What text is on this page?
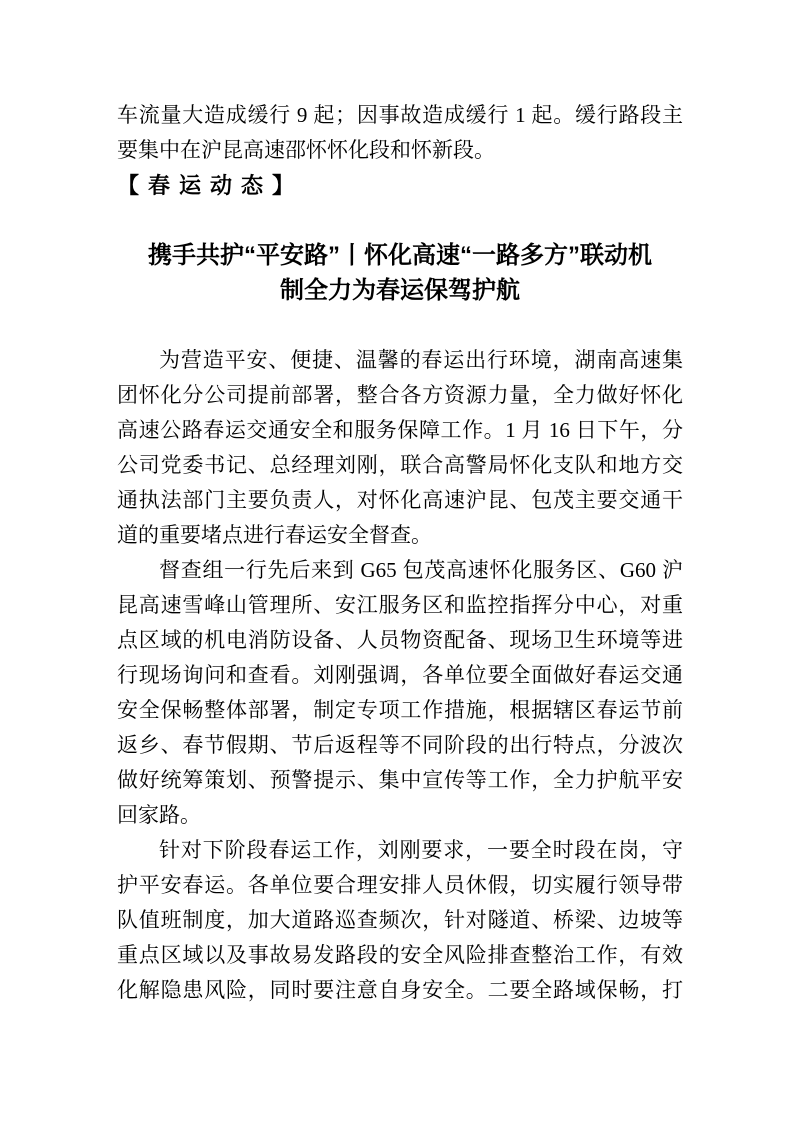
车流量大造成缓行 9 起；因事故造成缓行 1 起。缓行路段主
要集中在沪昆高速邵怀怀化段和怀新段。
【春运动态】
携手共护“平安路”丨怀化高速“一路多方”联动机
制全力为春运保驾护航
为营造平安、便捷、温馨的春运出行环境，湖南高速集
团怀化分公司提前部署，整合各方资源力量，全力做好怀化
高速公路春运交通安全和服务保障工作。1 月 16 日下午，分
公司党委书记、总经理刘刚，联合高警局怀化支队和地方交
通执法部门主要负责人，对怀化高速沪昆、包茂主要交通干
道的重要堵点进行春运安全督查。
督查组一行先后来到 G65 包茂高速怀化服务区、G60 沪
昆高速雪峰山管理所、安江服务区和监控指挥分中心，对重
点区域的机电消防设备、人员物资配备、现场卫生环境等进
行现场询问和查看。刘刚强调，各单位要全面做好春运交通
安全保畅整体部署，制定专项工作措施，根据辖区春运节前
返乡、春节假期、节后返程等不同阶段的出行特点，分波次
做好统筹策划、预警提示、集中宣传等工作，全力护航平安
回家路。
针对下阶段春运工作，刘刚要求，一要全时段在岗，守
护平安春运。各单位要合理安排人员休假，切实履行领导带
队值班制度，加大道路巡查频次，针对隧道、桥梁、边坡等
重点区域以及事故易发路段的安全风险排查整治工作，有效
化解隐患风险，同时要注意自身安全。二要全路域保畅，打
